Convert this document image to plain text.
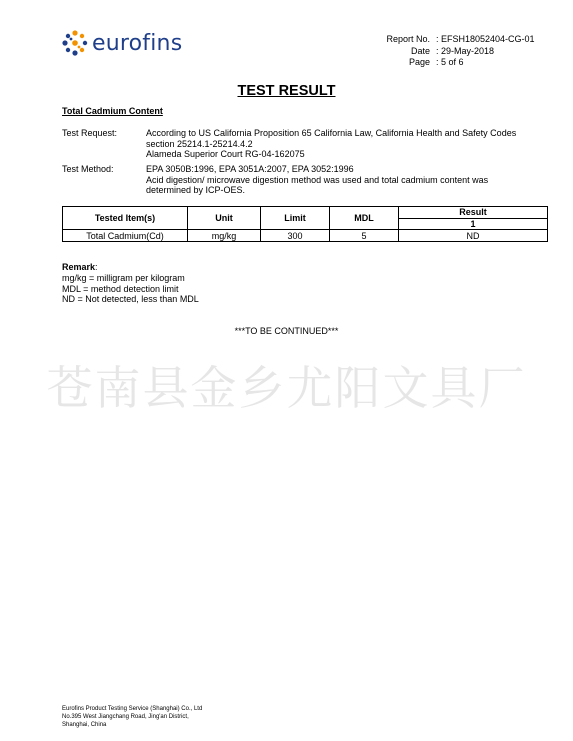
eurofins	Report No. : EFSH18052404-CG-01
Date : 29-May-2018
Page : 5 of 6
TEST RESULT
Total Cadmium Content
Test Request:	According to US California Proposition 65 California Law, California Health and Safety Codes
section 25214.1-25214.4.2
Alameda Superior Court RG-04-162075
Test Method:	EPA 3050B:1996, EPA 3051A:2007, EPA 3052:1996
Acid digestion/ microwave digestion method was used and total cadmium content was
determined by ICP-OES.
Tested Item(s)	Unit	Limit	MDL	Result
				1
Total Cadmium(Cd)	mg/kg	300	5	ND
Remark:
mg/kg = milligram per kilogram
MDL = method detection limit
ND = Not detected, less than MDL
***TO BE CONTINUED***
苍南县金乡尤阳文具厂
Eurofins Product Testing Service (Shanghai) Co., Ltd
No.395 West Jiangchang Road, Jing'an District,
Shanghai, China
